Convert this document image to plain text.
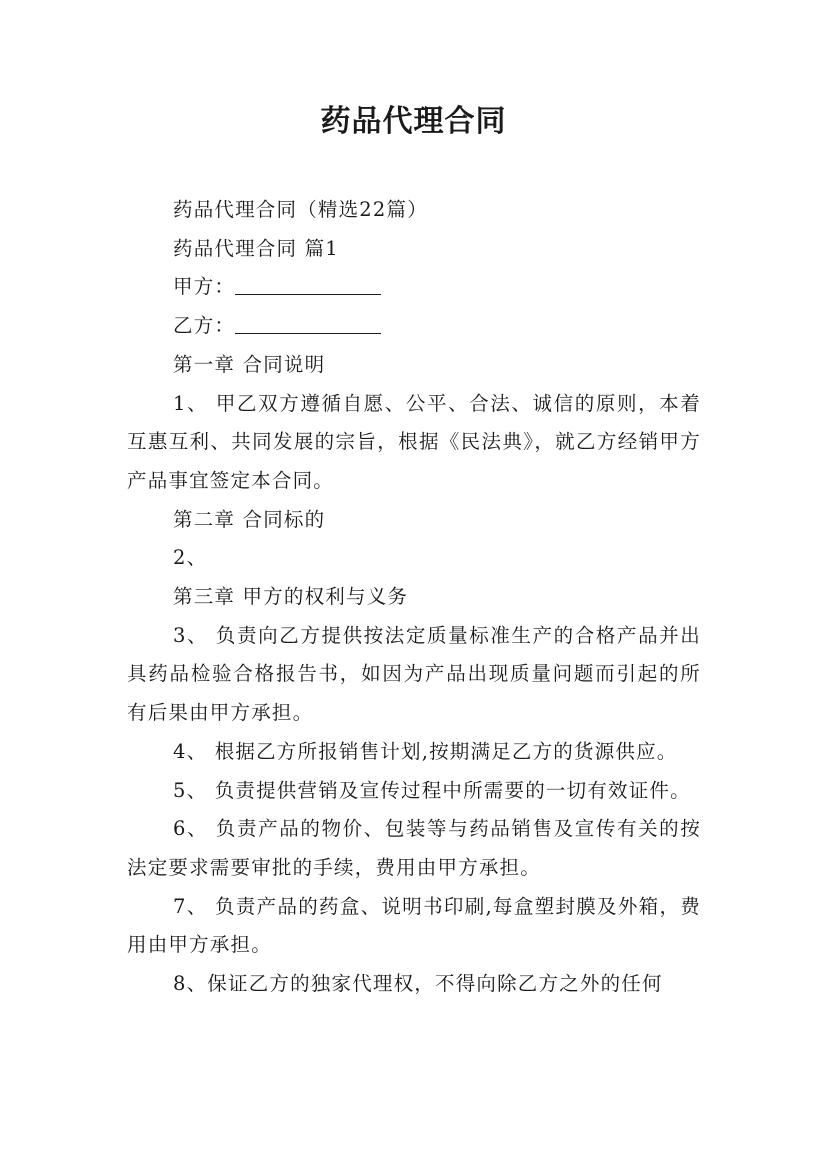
药品代理合同

药品代理合同（精选22篇）

药品代理合同 篇1

甲方：

乙方：

第一章 合同说明

1、 甲乙双方遵循自愿、公平、合法、诚信的原则，本着互惠互利、共同发展的宗旨，根据《民法典》，就乙方经销甲方产品事宜签定本合同。

第二章 合同标的

2、

第三章 甲方的权利与义务

3、 负责向乙方提供按法定质量标准生产的合格产品并出具药品检验合格报告书，如因为产品出现质量问题而引起的所有后果由甲方承担。

4、 根据乙方所报销售计划,按期满足乙方的货源供应。

5、 负责提供营销及宣传过程中所需要的一切有效证件。

6、 负责产品的物价、包装等与药品销售及宣传有关的按法定要求需要审批的手续，费用由甲方承担。

7、 负责产品的药盒、说明书印刷,每盒塑封膜及外箱，费用由甲方承担。

8、保证乙方的独家代理权，不得向除乙方之外的任何
